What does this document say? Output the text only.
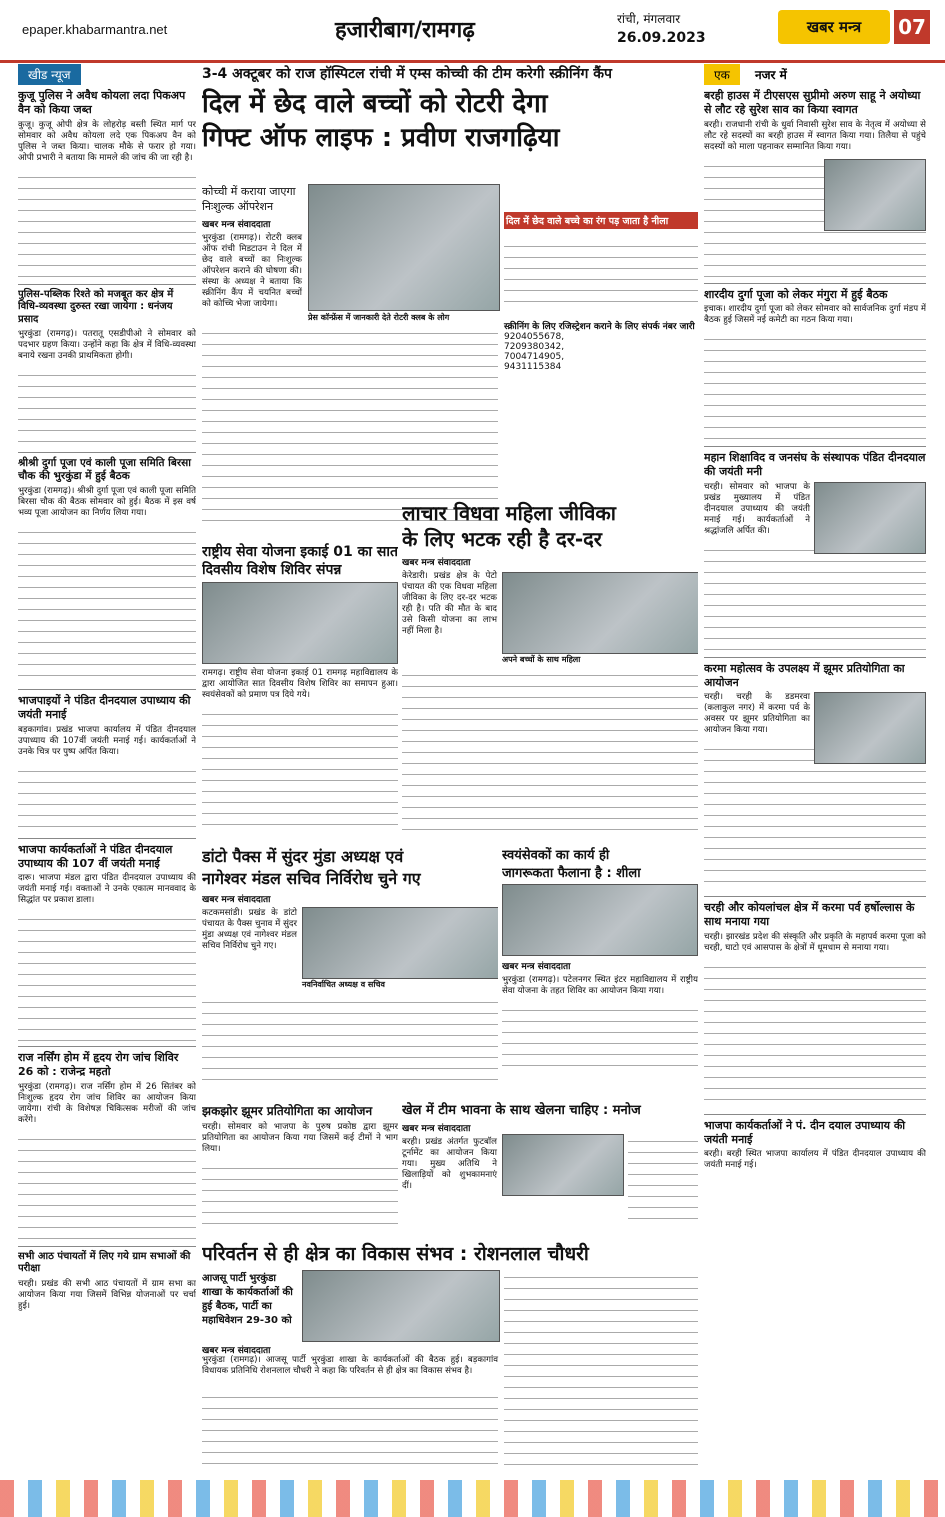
epaper.khabarmantra.net	हजारीबाग/रामगढ़	रांची, मंगलवार
26.09.2023
खबर मन्त्र	07
खीड न्यूज
कुजू पुलिस ने अवैध कोयला लदा पिकअप वैन को किया जब्त

कुजू। कुजू ओपी क्षेत्र के लोहरोड़ बस्ती स्थित मार्ग पर सोमवार को अवैध कोयला लदे एक पिकअप वैन को पुलिस ने जब्त किया। चालक मौके से फरार हो गया। ओपी प्रभारी ने बताया कि मामले की जांच की जा रही है।

पुलिस-पब्लिक रिश्ते को मजबूत कर क्षेत्र में विधि-व्यवस्था दुरुस्त रखा जायेगा : धनंजय प्रसाद

भुरकुंडा (रामगढ़)। पतरातू एसडीपीओ ने सोमवार को पदभार ग्रहण किया। उन्होंने कहा कि क्षेत्र में विधि-व्यवस्था बनाये रखना उनकी प्राथमिकता होगी।

श्रीश्री दुर्गा पूजा एवं काली पूजा समिति बिरसा चौक की भुरकुंडा में हुई बैठक

भुरकुंडा (रामगढ़)। श्रीश्री दुर्गा पूजा एवं काली पूजा समिति बिरसा चौक की बैठक सोमवार को हुई। बैठक में इस वर्ष भव्य पूजा आयोजन का निर्णय लिया गया।

भाजपाइयों ने पंडित दीनदयाल उपाध्याय की जयंती मनाई

बड़कागांव। प्रखंड भाजपा कार्यालय में पंडित दीनदयाल उपाध्याय की 107वीं जयंती मनाई गई। कार्यकर्ताओं ने उनके चित्र पर पुष्प अर्पित किया।

भाजपा कार्यकर्ताओं ने पंडित दीनदयाल उपाध्याय की 107 वीं जयंती मनाई

दारू। भाजपा मंडल द्वारा पंडित दीनदयाल उपाध्याय की जयंती मनाई गई। वक्ताओं ने उनके एकात्म मानववाद के सिद्धांत पर प्रकाश डाला।

राज नर्सिंग होम में हृदय रोग जांच शिविर 26 को : राजेन्द्र महतो

भुरकुंडा (रामगढ़)। राज नर्सिंग होम में 26 सितंबर को निःशुल्क हृदय रोग जांच शिविर का आयोजन किया जायेगा। रांची के विशेषज्ञ चिकित्सक मरीजों की जांच करेंगे।

सभी आठ पंचायतों में लिए गये ग्राम सभाओं की परीक्षा

चरही। प्रखंड की सभी आठ पंचायतों में ग्राम सभा का आयोजन किया गया जिसमें विभिन्न योजनाओं पर चर्चा हुई।

3-4 अक्टूबर को राज हॉस्पिटल रांची में एम्स कोच्ची की टीम करेगी स्क्रीनिंग कैंप
दिल में छेद वाले बच्चों को रोटरी देगा
गिफ्ट ऑफ लाइफ : प्रवीण राजगढ़िया
कोच्ची में कराया जाएगा निःशुल्क ऑपरेशन
खबर मन्त्र संवाददाता

भुरकुंडा (रामगढ़)। रोटरी क्लब ऑफ रांची मिडटाउन ने दिल में छेद वाले बच्चों का निःशुल्क ऑपरेशन कराने की घोषणा की। संस्था के अध्यक्ष ने बताया कि स्क्रीनिंग कैंप में चयनित बच्चों को कोच्चि भेजा जायेगा।

प्रेस कॉन्फ्रेंस में जानकारी देते रोटरी क्लब के लोग
दिल में छेद वाले बच्चे का रंग पड़ जाता है नीला
स्क्रीनिंग के लिए रजिस्ट्रेशन कराने के लिए संपर्क नंबर जारी
9204055678,
7209380342,
7004714905,
9431115384
राष्ट्रीय सेवा योजना इकाई 01 का सात दिवसीय विशेष शिविर संपन्न

रामगढ़। राष्ट्रीय सेवा योजना इकाई 01 रामगढ़ महाविद्यालय के द्वारा आयोजित सात दिवसीय विशेष शिविर का समापन हुआ। स्वयंसेवकों को प्रमाण पत्र दिये गये।

लाचार विधवा महिला जीविका
के लिए भटक रही है दर-दर
खबर मन्त्र संवाददाता
अपने बच्चों के साथ महिला

केरेडारी। प्रखंड क्षेत्र के पेटो पंचायत की एक विधवा महिला जीविका के लिए दर-दर भटक रही है। पति की मौत के बाद उसे किसी योजना का लाभ नहीं मिला है।

डांटो पैक्स में सुंदर मुंडा अध्यक्ष एवं
नागेश्वर मंडल सचिव निर्विरोध चुने गए
खबर मन्त्र संवाददाता
नवनिर्वाचित अध्यक्ष व सचिव

कटकमसांडी। प्रखंड के डांटो पंचायत के पैक्स चुनाव में सुंदर मुंडा अध्यक्ष एवं नागेश्वर मंडल सचिव निर्विरोध चुने गए।

स्वयंसेवकों का कार्य ही
जागरूकता फैलाना है : शीला
खबर मन्त्र संवाददाता

भुरकुंडा (रामगढ़)। पटेलनगर स्थित इंटर महाविद्यालय में राष्ट्रीय सेवा योजना के तहत शिविर का आयोजन किया गया।

झकझोर झूमर प्रतियोगिता का आयोजन

चरही। सोमवार को भाजपा के पुरुष प्रकोष्ठ द्वारा झूमर प्रतियोगिता का आयोजन किया गया जिसमें कई टीमों ने भाग लिया।

खेल में टीम भावना के साथ खेलना चाहिए : मनोज
खबर मन्त्र संवाददाता

बरही। प्रखंड अंतर्गत फुटबॉल टूर्नामेंट का आयोजन किया गया। मुख्य अतिथि ने खिलाड़ियों को शुभकामनाएं दीं।

परिवर्तन से ही क्षेत्र का विकास संभव : रोशनलाल चौधरी
आजसू पार्टी भुरकुंडा शाखा के कार्यकर्ताओं की हुई बैठक, पार्टी का महाधिवेशन 29-30 को
खबर मन्त्र संवाददाता

भुरकुंडा (रामगढ़)। आजसू पार्टी भुरकुंडा शाखा के कार्यकर्ताओं की बैठक हुई। बड़कागांव विधायक प्रतिनिधि रोशनलाल चौधरी ने कहा कि परिवर्तन से ही क्षेत्र का विकास संभव है।

एक नजर में
बरही हाउस में टीएसएस सुप्रीमो अरुण साहू ने अयोध्या से लौट रहे सुरेश साव का किया स्वागत

बरही। राजधानी रांची के धुर्वा निवासी सुरेश साव के नेतृत्व में अयोध्या से लौट रहे सदस्यों का बरही हाउस में स्वागत किया गया। तिलैया से पहुंचे सदस्यों को माला पहनाकर सम्मानित किया गया।

शारदीय दुर्गा पूजा को लेकर मंगुरा में हुई बैठक

इचाक। शारदीय दुर्गा पूजा को लेकर सोमवार को सार्वजनिक दुर्गा मंडप में बैठक हुई जिसमें नई कमेटी का गठन किया गया।

महान शिक्षाविद व जनसंघ के संस्थापक पंडित दीनदयाल की जयंती मनी

चरही। सोमवार को भाजपा के प्रखंड मुख्यालय में पंडित दीनदयाल उपाध्याय की जयंती मनाई गई। कार्यकर्ताओं ने श्रद्धांजलि अर्पित की।

करमा महोत्सव के उपलक्ष्य में झूमर प्रतियोगिता का आयोजन

चरही। चरही के डडमरवा (कलाकुल नगर) में करमा पर्व के अवसर पर झूमर प्रतियोगिता का आयोजन किया गया।

चरही और कोयलांचल क्षेत्र में करमा पर्व हर्षोल्लास के साथ मनाया गया

चरही। झारखंड प्रदेश की संस्कृति और प्रकृति के महापर्व करमा पूजा को चरही, घाटो एवं आसपास के क्षेत्रों में धूमधाम से मनाया गया।

भाजपा कार्यकर्ताओं ने पं. दीन दयाल उपाध्याय की जयंती मनाई

बरही। बरही स्थित भाजपा कार्यालय में पंडित दीनदयाल उपाध्याय की जयंती मनाई गई।
